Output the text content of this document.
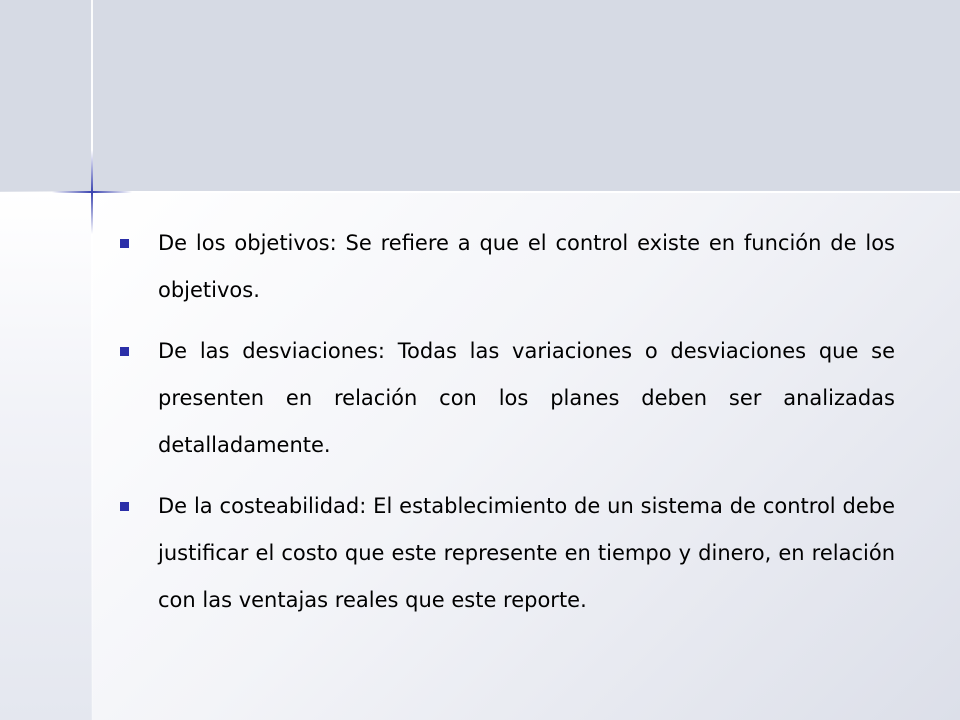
De los objetivos: Se refiere a que el control existe en función de los objetivos.
De las desviaciones: Todas las variaciones o desviaciones que se presenten en relación con los planes deben ser analizadas detalladamente.
De la costeabilidad: El establecimiento de un sistema de control debe justificar el costo que este represente en tiempo y dinero, en relación con las ventajas reales que este reporte.
